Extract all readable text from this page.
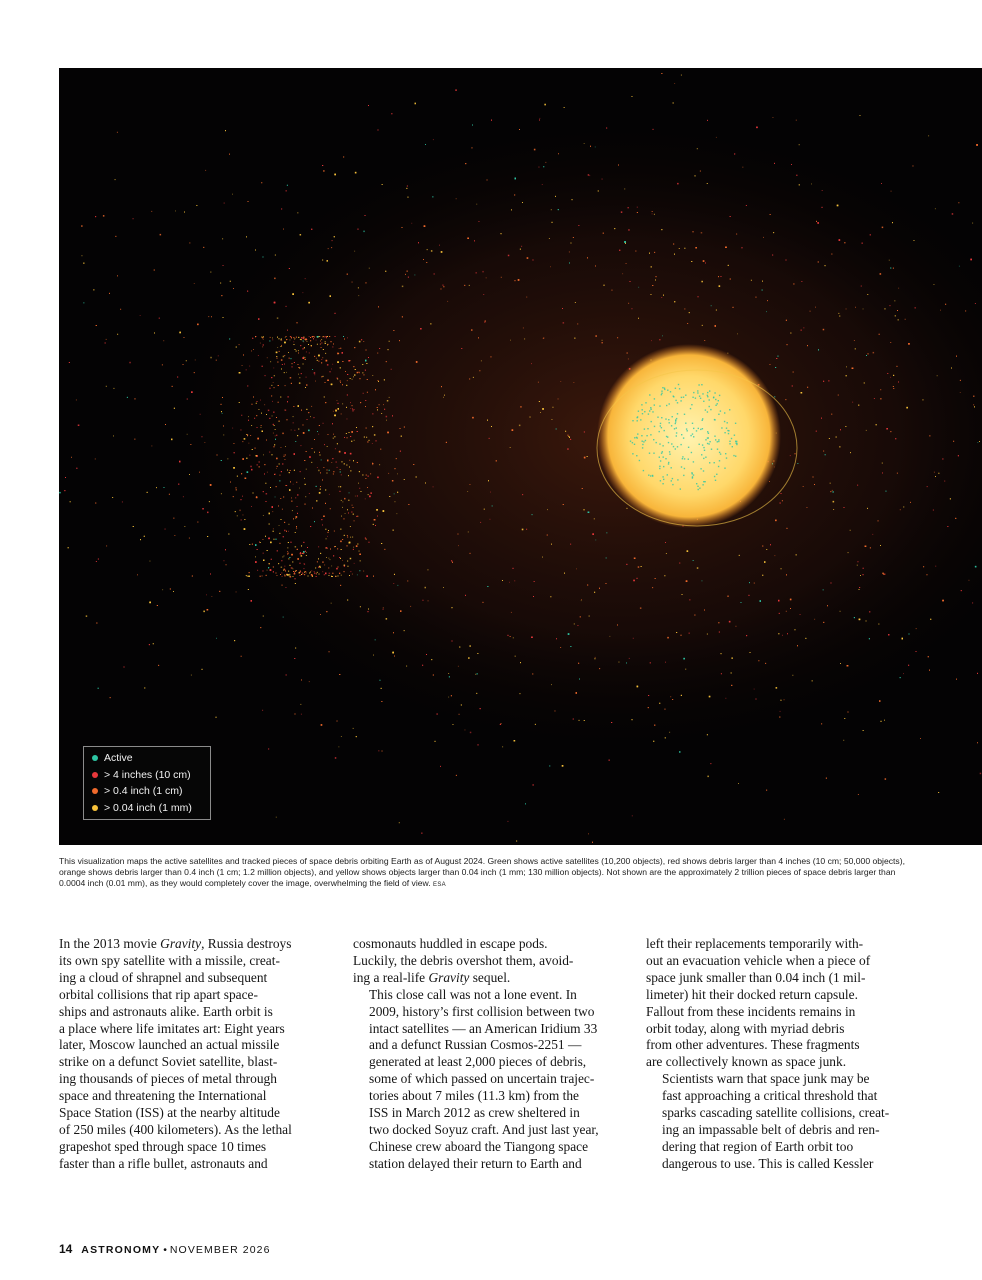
Active
> 4 inches (10 cm)
> 0.4 inch (1 cm)
> 0.04 inch (1 mm)

This visualization maps the active satellites and tracked pieces of space debris orbiting Earth as of August 2024. Green shows active satellites (10,200 objects), red shows debris larger than 4 inches (10 cm; 50,000 objects), orange shows debris larger than 0.4 inch (1 cm; 1.2 million objects), and yellow shows objects larger than 0.04 inch (1 mm; 130 million objects). Not shown are the approximately 2 trillion pieces of space debris larger than 0.0004 inch (0.01 mm), as they would completely cover the image, overwhelming the field of view. ESA

In the 2013 movie Gravity, Russia destroys
its own spy satellite with a missile, creat-
ing a cloud of shrapnel and subsequent
orbital collisions that rip apart space-
ships and astronauts alike. Earth orbit is
a place where life imitates art: Eight years
later, Moscow launched an actual missile
strike on a defunct Soviet satellite, blast-
ing thousands of pieces of metal through
space and threatening the International
Space Station (ISS) at the nearby altitude
of 250 miles (400 kilometers). As the lethal
grapeshot sped through space 10 times
faster than a rifle bullet, astronauts and

cosmonauts huddled in escape pods.
Luckily, the debris overshot them, avoid-
ing a real-life Gravity sequel.

This close call was not a lone event. In
2009, history’s first collision between two
intact satellites — an American Iridium 33
and a defunct Russian Cosmos-2251 —
generated at least 2,000 pieces of debris,
some of which passed on uncertain trajec-
tories about 7 miles (11.3 km) from the
ISS in March 2012 as crew sheltered in
two docked Soyuz craft. And just last year,
Chinese crew aboard the Tiangong space
station delayed their return to Earth and

left their replacements temporarily with-
out an evacuation vehicle when a piece of
space junk smaller than 0.04 inch (1 mil-
limeter) hit their docked return capsule.
Fallout from these incidents remains in
orbit today, along with myriad debris
from other adventures. These fragments
are collectively known as space junk.

Scientists warn that space junk may be
fast approaching a critical threshold that
sparks cascading satellite collisions, creat-
ing an impassable belt of debris and ren-
dering that region of Earth orbit too
dangerous to use. This is called Kessler

14 ASTRONOMY • NOVEMBER 2026
